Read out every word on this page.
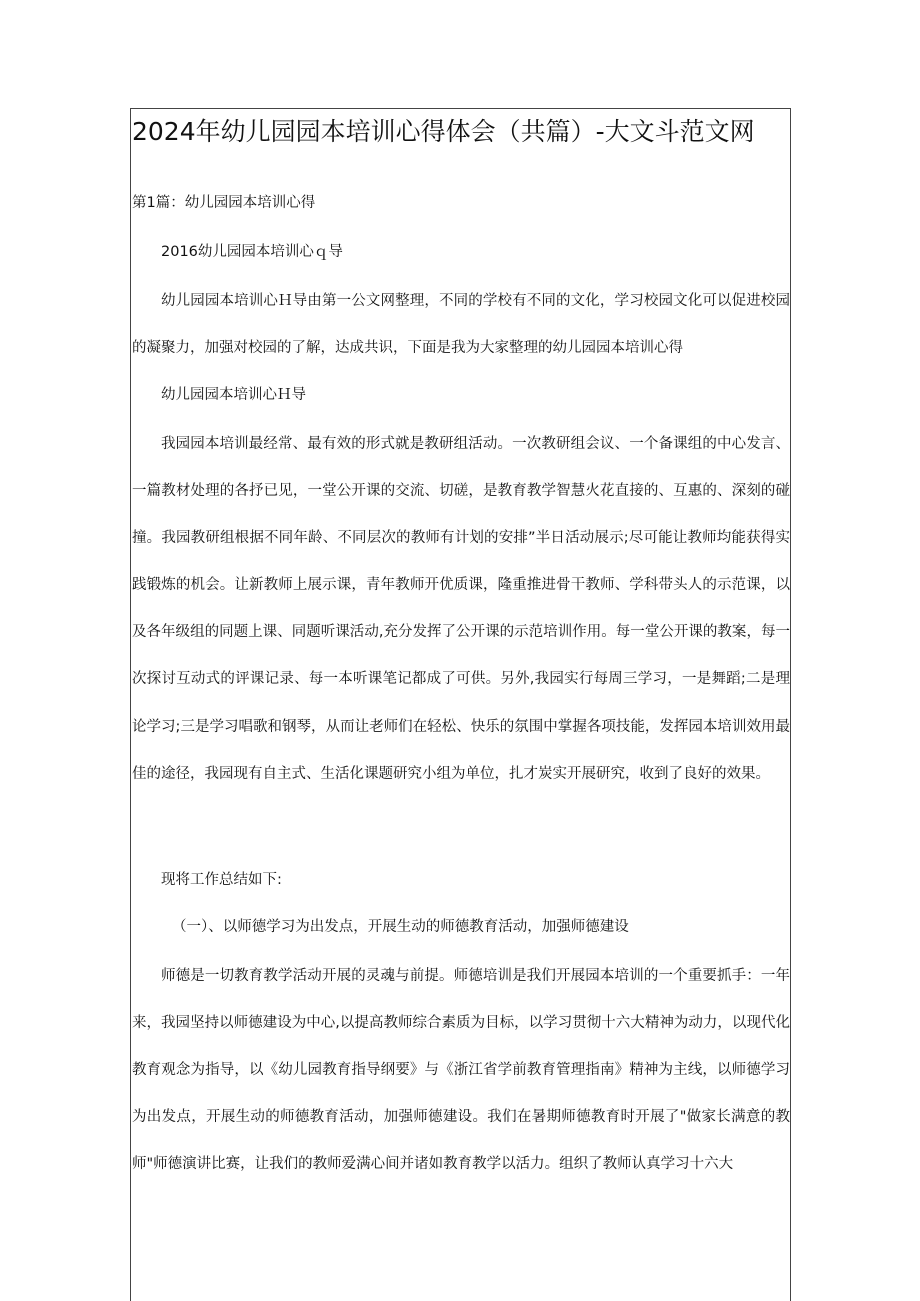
2024年幼儿园园本培训心得体会（共篇）-大文斗范文网
第1篇：幼儿园园本培训心得
2016幼儿园园本培训心ｑ导

幼儿园园本培训心Ｈ导由第一公文网整理，不同的学校有不同的文化，学习校园文化可以促进校园的凝聚力，加强对校园的了解，达成共识，下面是我为大家整理的幼儿园园本培训心得

幼儿园园本培训心Ｈ导

我园园本培训最经常、最有效的形式就是教研组活动。一次教研组会议、一个备课组的中心发言、一篇教材处理的各抒已见，一堂公开课的交流、切磋，是教育教学智慧火花直接的、互惠的、深刻的碰撞。我园教研组根据不同年龄、不同层次的教师有计划的安排”半日活动展示;尽可能让教师均能获得实践锻炼的机会。让新教师上展示课，青年教师开优质课，隆重推进骨干教师、学科带头人的示范课，以及各年级组的同题上课、同题听课活动,充分发挥了公开课的示范培训作用。每一堂公开课的教案，每一次探讨互动式的评课记录、每一本听课笔记都成了可供。另外,我园实行每周三学习，一是舞蹈;二是理论学习;三是学习唱歌和钢琴，从而让老师们在轻松、快乐的氛围中掌握各项技能，发挥园本培训效用最佳的途径，我园现有自主式、生活化课题研究小组为单位，扎才炭实开展研究，收到了良好的效果。

现将工作总结如下:
（一）、以师德学习为出发点，开展生动的师德教育活动，加强师德建设

师德是一切教育教学活动开展的灵魂与前提。师德培训是我们开展园本培训的一个重要抓手：一年来，我园坚持以师德建设为中心,以提高教师综合素质为目标，以学习贯彻十六大精神为动力，以现代化教育观念为指导，以《幼儿园教育指导纲要》与《浙江省学前教育管理指南》精神为主线，以师德学习为出发点，开展生动的师德教育活动，加强师德建设。我们在暑期师德教育时开展了"做家长满意的教师"师德演讲比赛，让我们的教师爱满心间并诸如教育教学以活力。组织了教师认真学习十六大
